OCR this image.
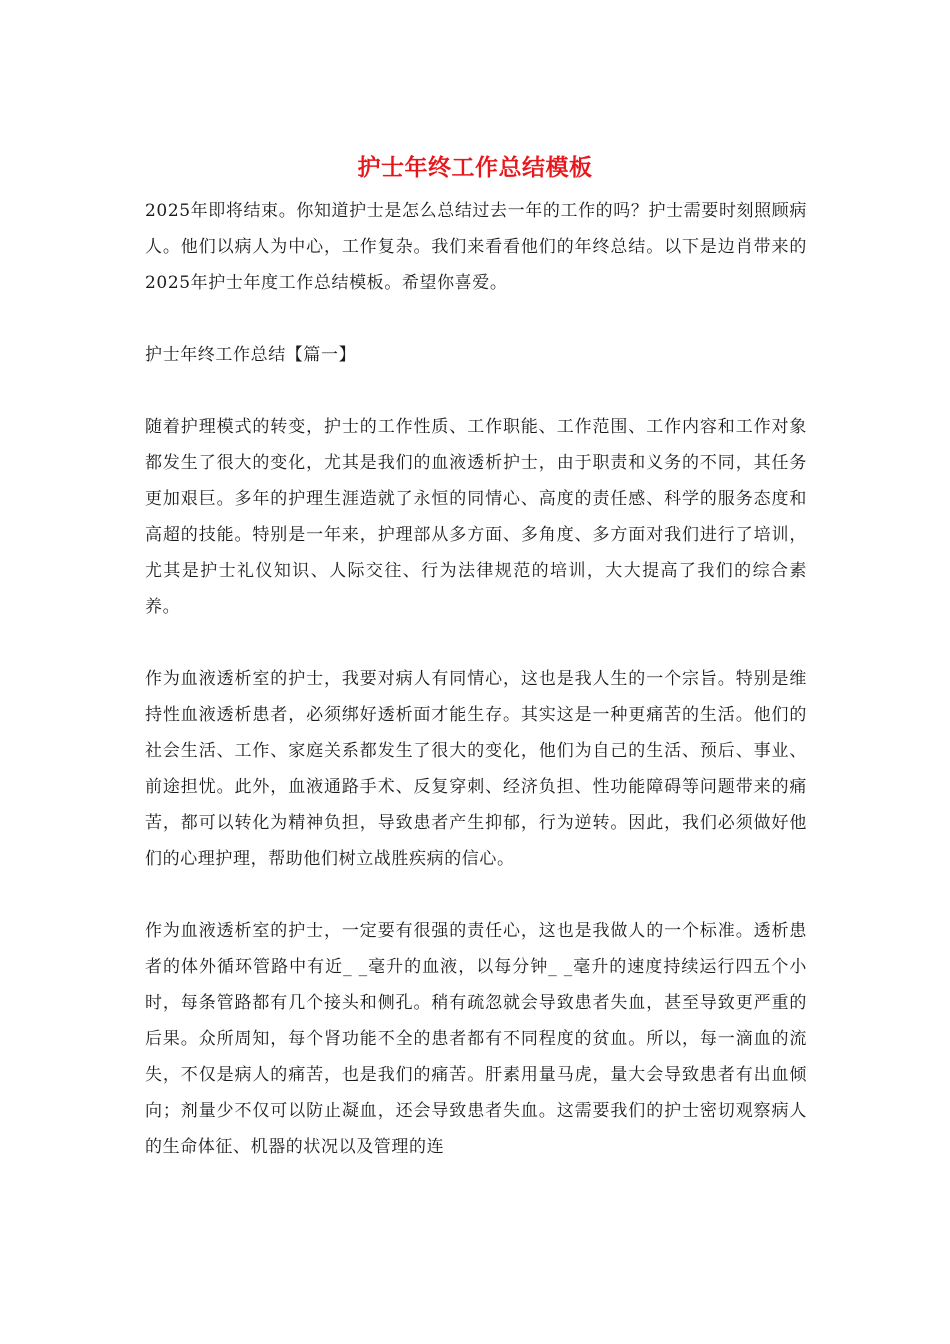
护士年终工作总结模板

2025年即将结束。你知道护士是怎么总结过去一年的工作的吗？护士需要时刻照顾病人。他们以病人为中心，工作复杂。我们来看看他们的年终总结。以下是边肖带来的2025年护士年度工作总结模板。希望你喜爱。

护士年终工作总结【篇一】

随着护理模式的转变，护士的工作性质、工作职能、工作范围、工作内容和工作对象都发生了很大的变化，尤其是我们的血液透析护士，由于职责和义务的不同，其任务更加艰巨。多年的护理生涯造就了永恒的同情心、高度的责任感、科学的服务态度和高超的技能。特别是一年来，护理部从多方面、多角度、多方面对我们进行了培训，尤其是护士礼仪知识、人际交往、行为法律规范的培训，大大提高了我们的综合素养。

作为血液透析室的护士，我要对病人有同情心，这也是我人生的一个宗旨。特别是维持性血液透析患者，必须绑好透析面才能生存。其实这是一种更痛苦的生活。他们的社会生活、工作、家庭关系都发生了很大的变化，他们为自己的生活、预后、事业、前途担忧。此外，血液通路手术、反复穿刺、经济负担、性功能障碍等问题带来的痛苦，都可以转化为精神负担，导致患者产生抑郁，行为逆转。因此，我们必须做好他们的心理护理，帮助他们树立战胜疾病的信心。

作为血液透析室的护士，一定要有很强的责任心，这也是我做人的一个标准。透析患者的体外循环管路中有近_ _毫升的血液，以每分钟_ _毫升的速度持续运行四五个小时，每条管路都有几个接头和侧孔。稍有疏忽就会导致患者失血，甚至导致更严重的后果。众所周知，每个肾功能不全的患者都有不同程度的贫血。所以，每一滴血的流失，不仅是病人的痛苦，也是我们的痛苦。肝素用量马虎，量大会导致患者有出血倾向；剂量少不仅可以防止凝血，还会导致患者失血。这需要我们的护士密切观察病人的生命体征、机器的状况以及管理的连
